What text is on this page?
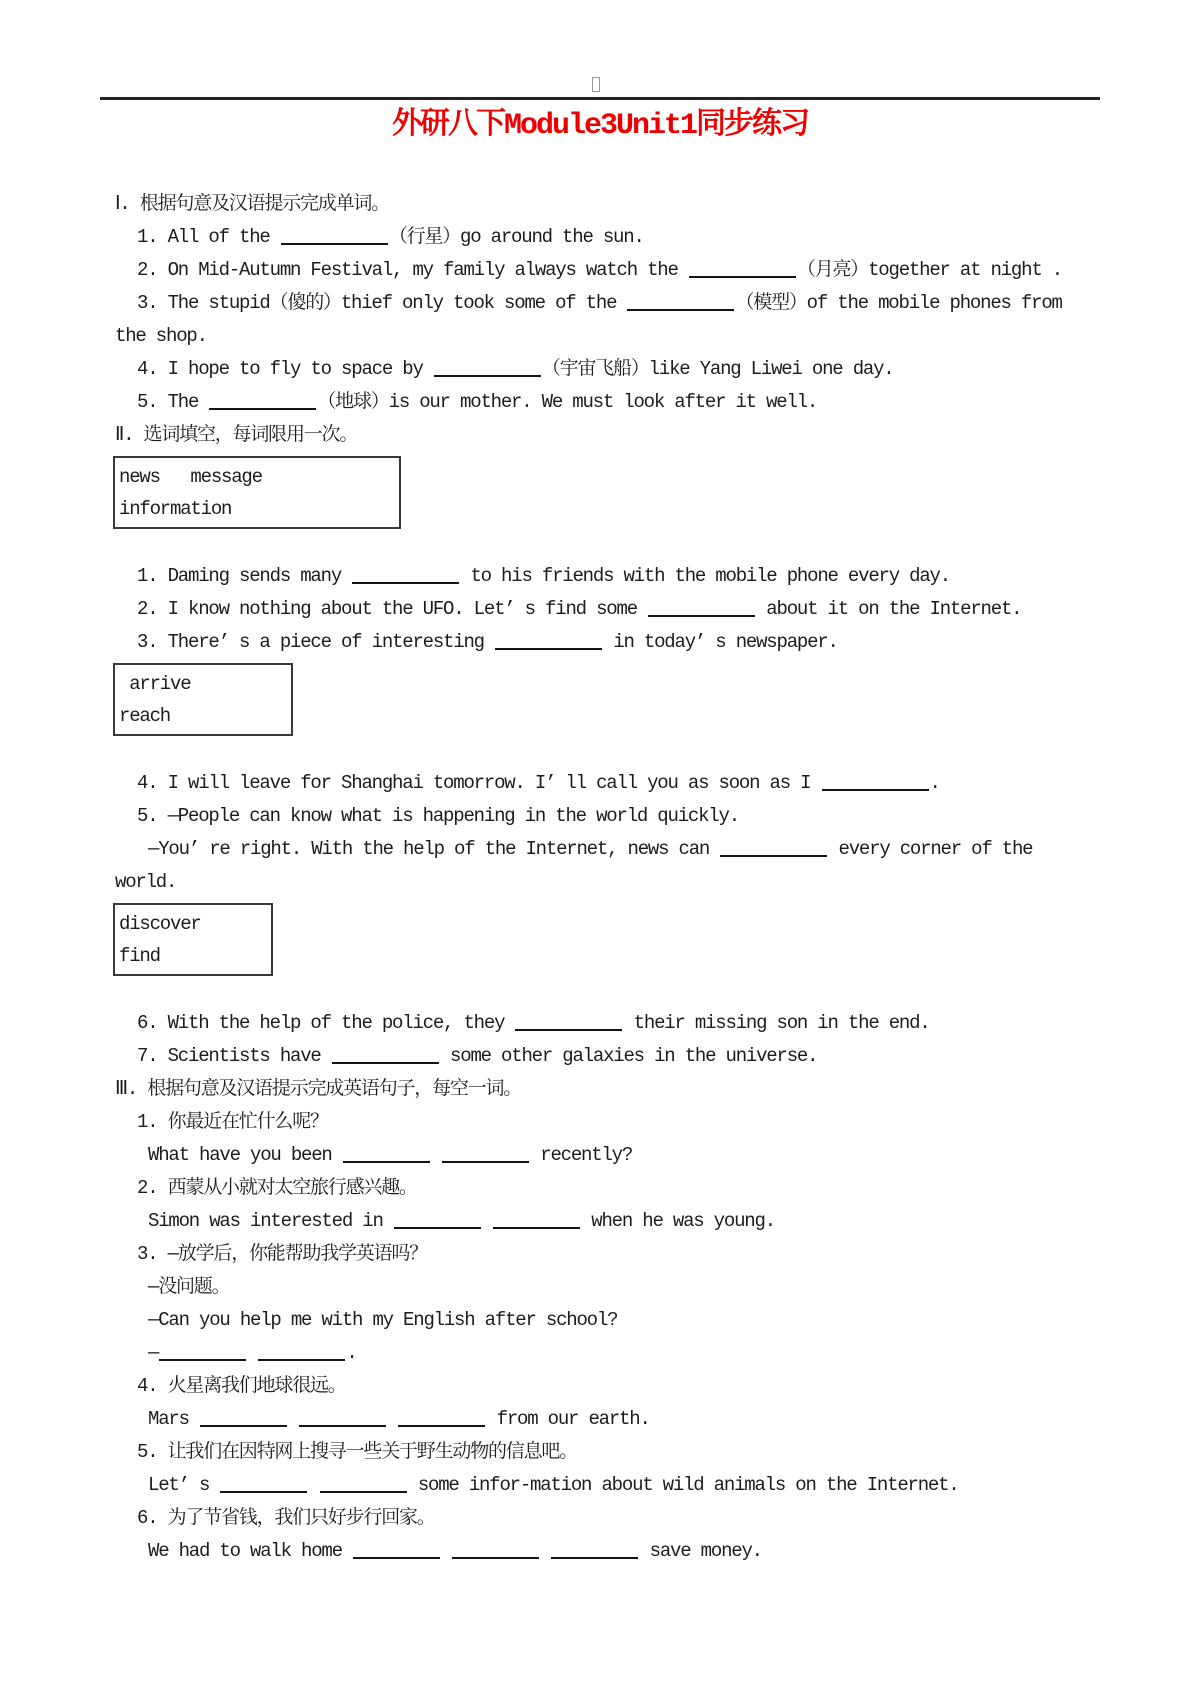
外研八下Module3Unit1同步练习
Ⅰ. 根据句意及汉语提示完成单词。
1. All of the	（行星）go around the sun.
2. On Mid-Autumn Festival, my family always watch the	（月亮）together at night .
3. The stupid（傻的）thief only took some of the	（模型）of the mobile phones from
the shop.
4. I hope to fly to space by	（宇宙飞船）like Yang Liwei one day.
5. The	（地球）is our mother. We must look after it well.
Ⅱ. 选词填空，每词限用一次。
news   message
information
1. Daming sends many	to his friends with the mobile phone every day.
2. I know nothing about the UFO. Let’ s find some	about it on the Internet.
3. There’ s a piece of interesting	in today’ s newspaper.
arrive
reach
4. I will leave for Shanghai tomorrow. I’ ll call you as soon as I	.
5. —People can know what is happening in the world quickly.
—You’ re right. With the help of the Internet, news can	every corner of the
world.
discover
find
6. With the help of the police, they	their missing son in the end.
7. Scientists have	some other galaxies in the universe.
Ⅲ. 根据句意及汉语提示完成英语句子，每空一词。
1. 你最近在忙什么呢？
What have you been	recently?
2. 西蒙从小就对太空旅行感兴趣。
Simon was interested in	when he was young.
3. —放学后，你能帮助我学英语吗？
—没问题。
—Can you help me with my English after school?
—	.
4. 火星离我们地球很远。
Mars	from our earth.
5. 让我们在因特网上搜寻一些关于野生动物的信息吧。
Let’ s	some infor-mation about wild animals on the Internet.
6. 为了节省钱，我们只好步行回家。
We had to walk home	save money.
